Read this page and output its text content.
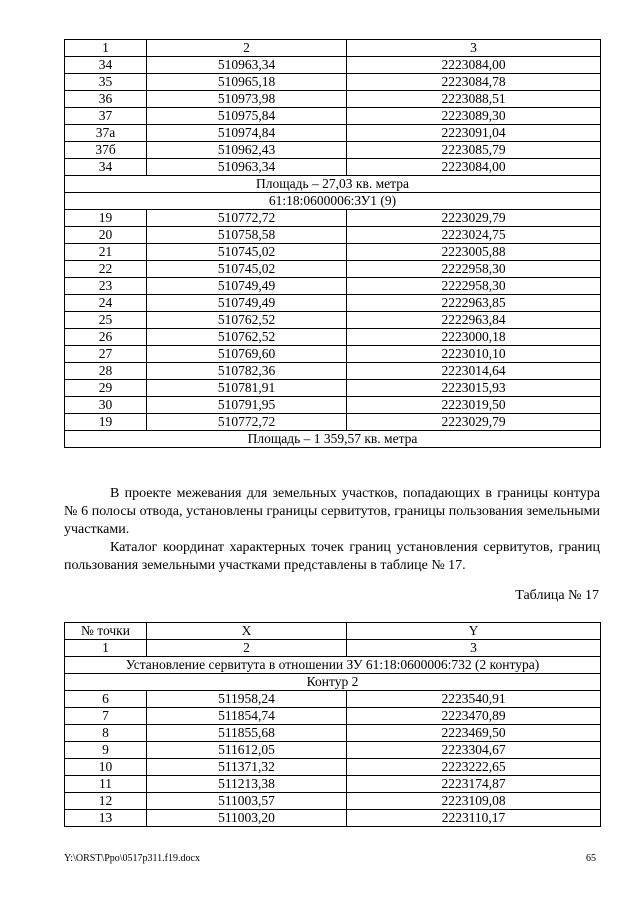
1	2	3
34	510963,34	2223084,00
35	510965,18	2223084,78
36	510973,98	2223088,51
37	510975,84	2223089,30
37а	510974,84	2223091,04
37б	510962,43	2223085,79
34	510963,34	2223084,00
Площадь – 27,03 кв. метра		
61:18:0600006:ЗУ1 (9)		
19	510772,72	2223029,79
20	510758,58	2223024,75
21	510745,02	2223005,88
22	510745,02	2222958,30
23	510749,49	2222958,30
24	510749,49	2222963,85
25	510762,52	2222963,84
26	510762,52	2223000,18
27	510769,60	2223010,10
28	510782,36	2223014,64
29	510781,91	2223015,93
30	510791,95	2223019,50
19	510772,72	2223029,79
Площадь – 1 359,57 кв. метра		
В проекте межевания для земельных участков, попадающих в границы контура № 6 полосы отвода, установлены границы сервитутов, границы пользования земельными участками.
Каталог координат характерных точек границ установления сервитутов, границ пользования земельными участками представлены в таблице № 17.
Таблица № 17
№ точки	X	Y
1	2	3
Установление сервитута в отношении ЗУ 61:18:0600006:732 (2 контура)		
Контур 2		
6	511958,24	2223540,91
7	511854,74	2223470,89
8	511855,68	2223469,50
9	511612,05	2223304,67
10	511371,32	2223222,65
11	511213,38	2223174,87
12	511003,57	2223109,08
13	511003,20	2223110,17
Y:\ORST\Ppo\0517p311.f19.docx	65
